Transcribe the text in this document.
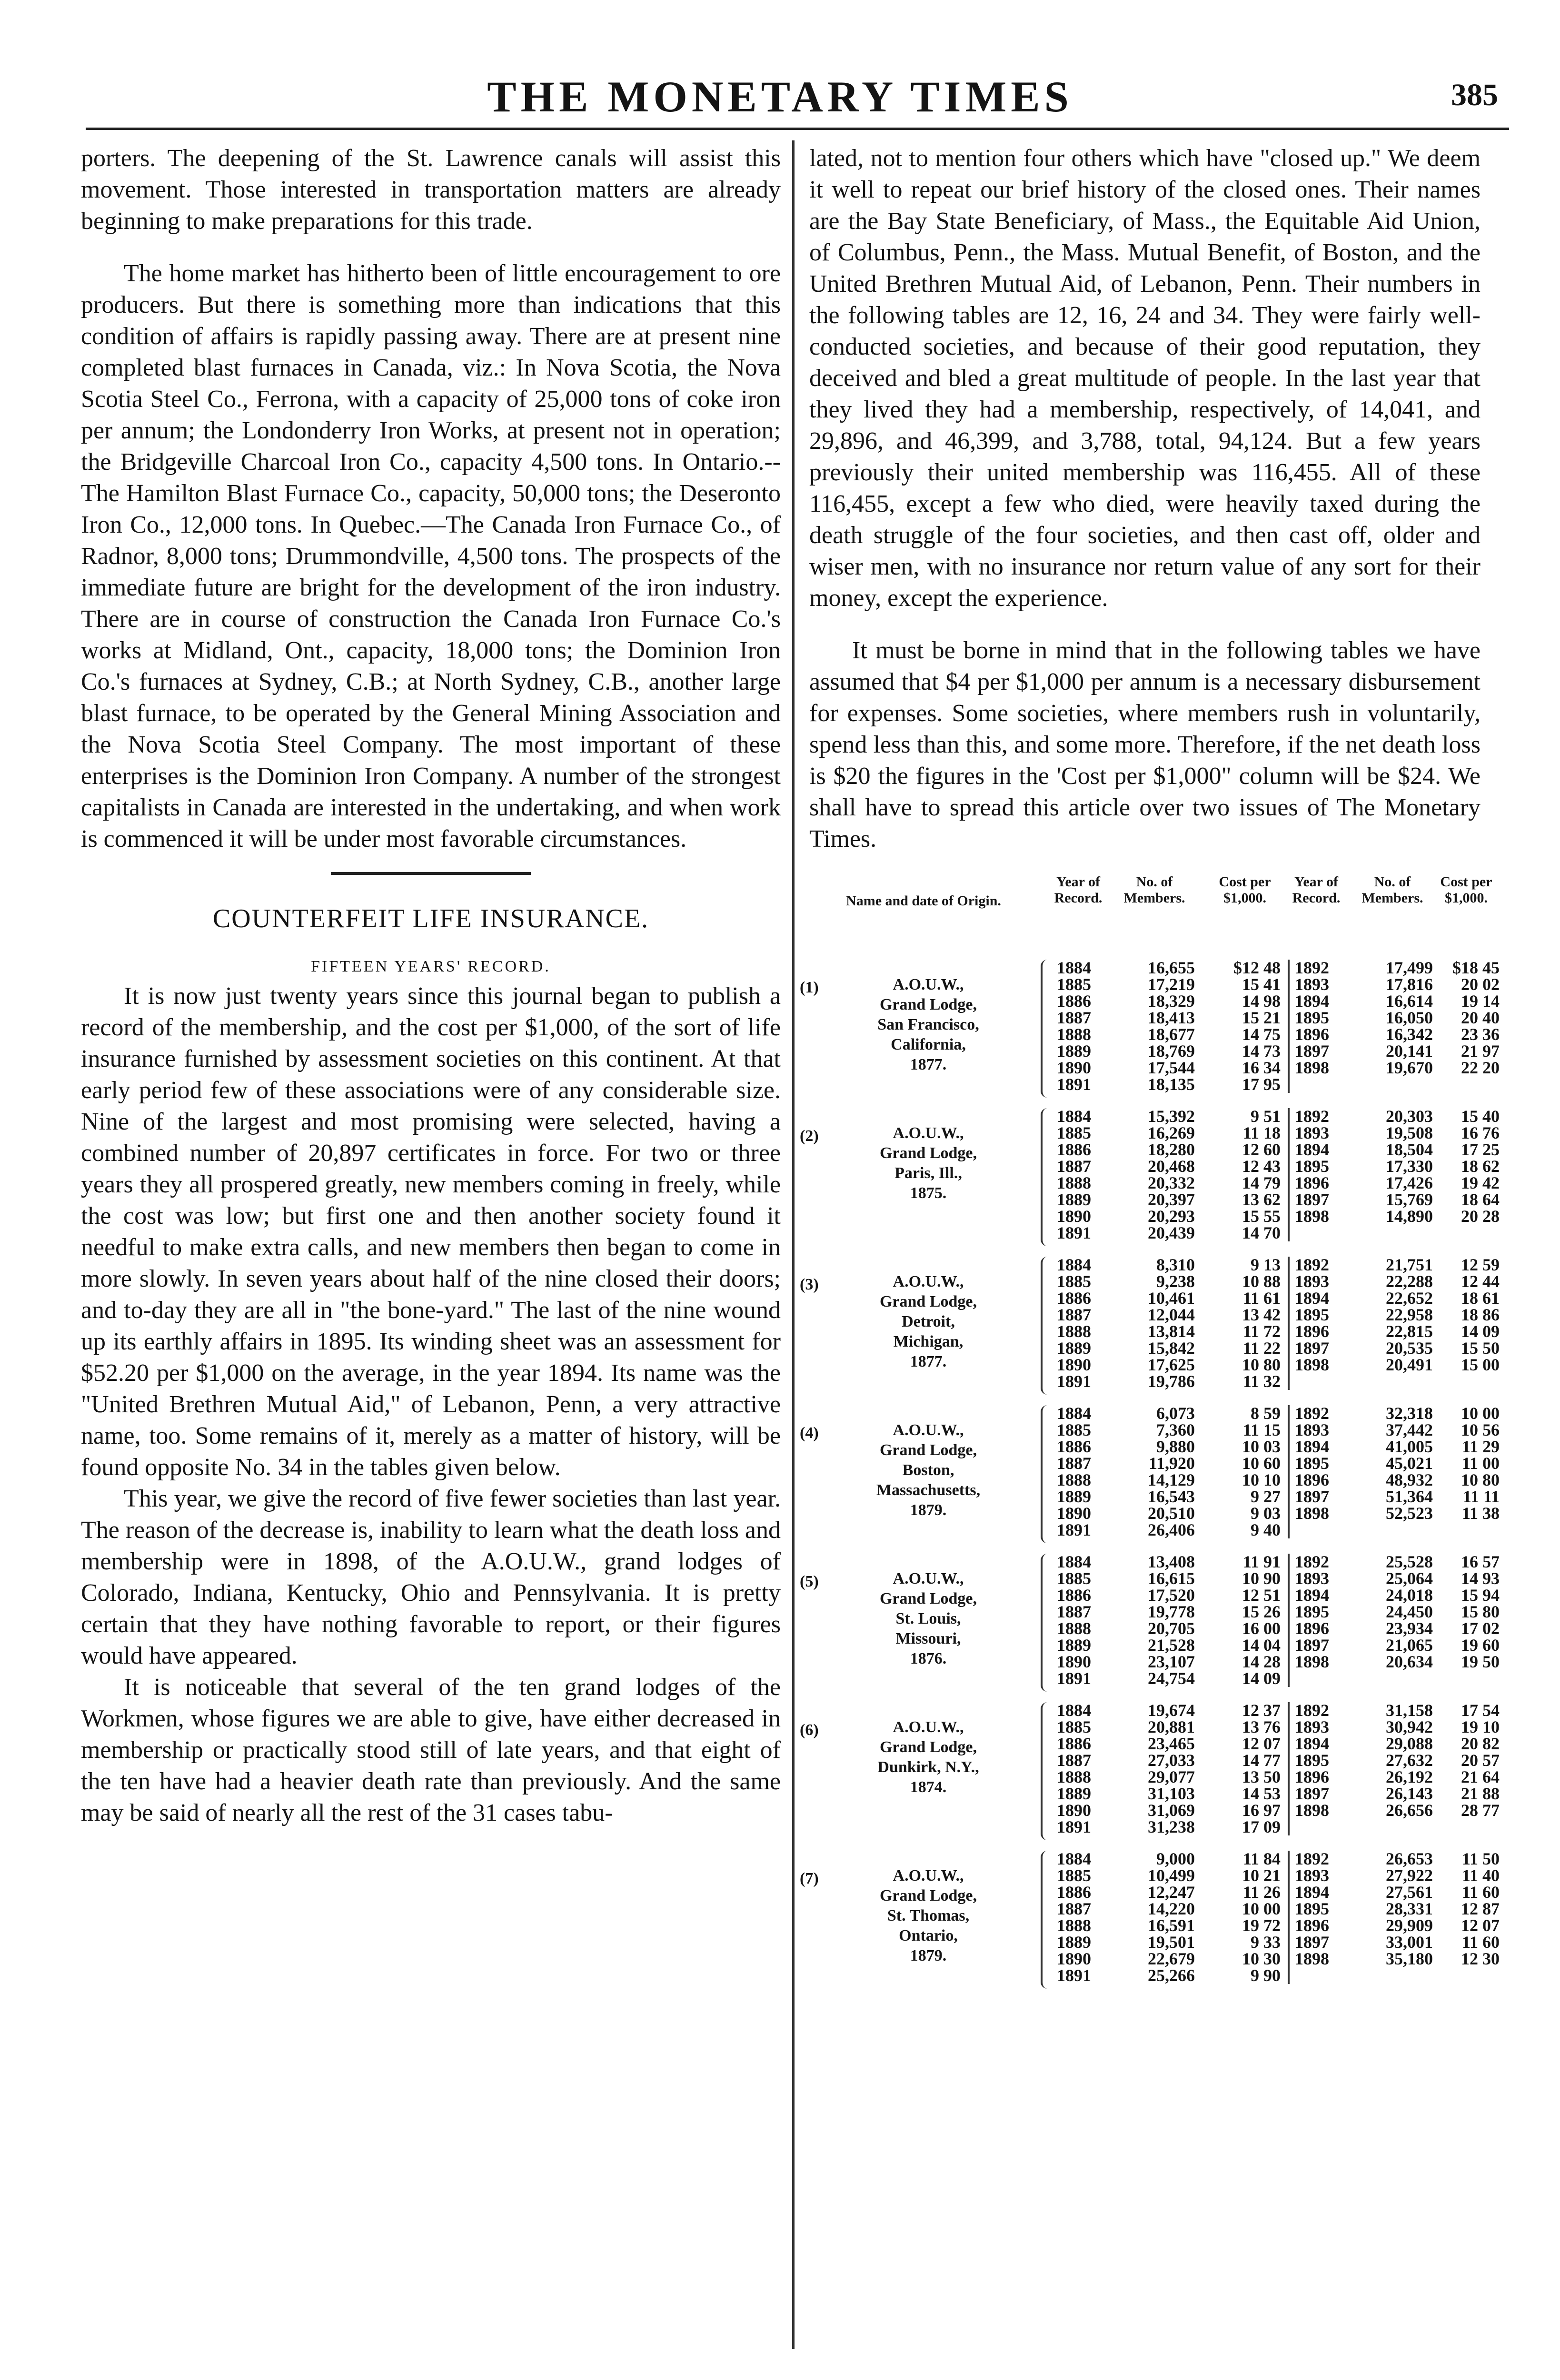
THE MONETARY TIMES	385

porters. The deepening of the St. Lawrence canals will assist this movement. Those interested in transportation matters are already beginning to make preparations for this trade.

The home market has hitherto been of little encouragement to ore producers. But there is something more than indications that this condition of affairs is rapidly passing away. There are at present nine completed blast furnaces in Canada, viz.: In Nova Scotia, the Nova Scotia Steel Co., Ferrona, with a capacity of 25,000 tons of coke iron per annum; the Londonderry Iron Works, at present not in operation; the Bridgeville Charcoal Iron Co., capacity 4,500 tons. In Ontario.--The Hamilton Blast Furnace Co., capacity, 50,000 tons; the Deseronto Iron Co., 12,000 tons. In Quebec.—The Canada Iron Furnace Co., of Radnor, 8,000 tons; Drummondville, 4,500 tons. The prospects of the immediate future are bright for the development of the iron industry. There are in course of construction the Canada Iron Furnace Co.'s works at Midland, Ont., capacity, 18,000 tons; the Dominion Iron Co.'s furnaces at Sydney, C.B.; at North Sydney, C.B., another large blast furnace, to be operated by the General Mining Association and the Nova Scotia Steel Company. The most important of these enterprises is the Dominion Iron Company. A number of the strongest capitalists in Canada are interested in the undertaking, and when work is commenced it will be under most favorable circumstances.

COUNTERFEIT LIFE INSURANCE.

FIFTEEN YEARS' RECORD.

It is now just twenty years since this journal began to publish a record of the membership, and the cost per $1,000, of the sort of life insurance furnished by assessment societies on this continent. At that early period few of these associations were of any considerable size. Nine of the largest and most promising were selected, having a combined number of 20,897 certificates in force. For two or three years they all prospered greatly, new members coming in freely, while the cost was low; but first one and then another society found it needful to make extra calls, and new members then began to come in more slowly. In seven years about half of the nine closed their doors; and to-day they are all in "the bone-yard." The last of the nine wound up its earthly affairs in 1895. Its winding sheet was an assessment for $52.20 per $1,000 on the average, in the year 1894. Its name was the "United Brethren Mutual Aid," of Lebanon, Penn, a very attractive name, too. Some remains of it, merely as a matter of history, will be found opposite No. 34 in the tables given below.

This year, we give the record of five fewer societies than last year. The reason of the decrease is, inability to learn what the death loss and membership were in 1898, of the A.O.U.W., grand lodges of Colorado, Indiana, Kentucky, Ohio and Pennsylvania. It is pretty certain that they have nothing favorable to report, or their figures would have appeared.

It is noticeable that several of the ten grand lodges of the Workmen, whose figures we are able to give, have either decreased in membership or practically stood still of late years, and that eight of the ten have had a heavier death rate than previously. And the same may be said of nearly all the rest of the 31 cases tabu-

lated, not to mention four others which have "closed up." We deem it well to repeat our brief history of the closed ones. Their names are the Bay State Beneficiary, of Mass., the Equitable Aid Union, of Columbus, Penn., the Mass. Mutual Benefit, of Boston, and the United Brethren Mutual Aid, of Lebanon, Penn. Their numbers in the following tables are 12, 16, 24 and 34. They were fairly well-conducted societies, and because of their good reputation, they deceived and bled a great multitude of people. In the last year that they lived they had a membership, respectively, of 14,041, and 29,896, and 46,399, and 3,788, total, 94,124. But a few years previously their united membership was 116,455. All of these 116,455, except a few who died, were heavily taxed during the death struggle of the four societies, and then cast off, older and wiser men, with no insurance nor return value of any sort for their money, except the experience.

It must be borne in mind that in the following tables we have assumed that $4 per $1,000 per annum is a necessary disbursement for expenses. Some societies, where members rush in voluntarily, spend less than this, and some more. Therefore, if the net death loss is $20 the figures in the 'Cost per $1,000" column will be $24. We shall have to spread this article over two issues of The Monetary Times.

Name and date of Origin.
Year of Record.
No. of Members.
Cost per $1,000.
Year of Record.
No. of Members.
Cost per $1,000.
(1)	A.O.U.W.,
Grand Lodge,
San Francisco,
California,
1877.
1884	16,655	$12 48 1892	17,499	$18 45
1885	17,219	15 41 1893	17,816	20 02
1886	18,329	14 98 1894	16,614	19 14
1887	18,413	15 21 1895	16,050	20 40
1888	18,677	14 75 1896	16,342	23 36
1889	18,769	14 73 1897	20,141	21 97
1890	17,544	16 34 1898	19,670	22 20
1891	18,135	17 95
(2)	A.O.U.W.,
Grand Lodge,
Paris, Ill.,
1875.
1884	15,392	9 51 1892	20,303	15 40
1885	16,269	11 18 1893	19,508	16 76
1886	18,280	12 60 1894	18,504	17 25
1887	20,468	12 43 1895	17,330	18 62
1888	20,332	14 79 1896	17,426	19 42
1889	20,397	13 62 1897	15,769	18 64
1890	20,293	15 55 1898	14,890	20 28
1891	20,439	14 70
(3)	A.O.U.W.,
Grand Lodge,
Detroit,
Michigan,
1877.
1884	8,310	9 13 1892	21,751	12 59
1885	9,238	10 88 1893	22,288	12 44
1886	10,461	11 61 1894	22,652	18 61
1887	12,044	13 42 1895	22,958	18 86
1888	13,814	11 72 1896	22,815	14 09
1889	15,842	11 22 1897	20,535	15 50
1890	17,625	10 80 1898	20,491	15 00
1891	19,786	11 32
(4)	A.O.U.W.,
Grand Lodge,
Boston,
Massachusetts,
1879.
1884	6,073	8 59 1892	32,318	10 00
1885	7,360	11 15 1893	37,442	10 56
1886	9,880	10 03 1894	41,005	11 29
1887	11,920	10 60 1895	45,021	11 00
1888	14,129	10 10 1896	48,932	10 80
1889	16,543	9 27 1897	51,364	11 11
1890	20,510	9 03 1898	52,523	11 38
1891	26,406	9 40
(5)	A.O.U.W.,
Grand Lodge,
St. Louis,
Missouri,
1876.
1884	13,408	11 91 1892	25,528	16 57
1885	16,615	10 90 1893	25,064	14 93
1886	17,520	12 51 1894	24,018	15 94
1887	19,778	15 26 1895	24,450	15 80
1888	20,705	16 00 1896	23,934	17 02
1889	21,528	14 04 1897	21,065	19 60
1890	23,107	14 28 1898	20,634	19 50
1891	24,754	14 09
(6)	A.O.U.W.,
Grand Lodge,
Dunkirk, N.Y.,
1874.
1884	19,674	12 37 1892	31,158	17 54
1885	20,881	13 76 1893	30,942	19 10
1886	23,465	12 07 1894	29,088	20 82
1887	27,033	14 77 1895	27,632	20 57
1888	29,077	13 50 1896	26,192	21 64
1889	31,103	14 53 1897	26,143	21 88
1890	31,069	16 97 1898	26,656	28 77
1891	31,238	17 09
(7)	A.O.U.W.,
Grand Lodge,
St. Thomas,
Ontario,
1879.
1884	9,000	11 84 1892	26,653	11 50
1885	10,499	10 21 1893	27,922	11 40
1886	12,247	11 26 1894	27,561	11 60
1887	14,220	10 00 1895	28,331	12 87
1888	16,591	19 72 1896	29,909	12 07
1889	19,501	9 33 1897	33,001	11 60
1890	22,679	10 30 1898	35,180	12 30
1891	25,266	9 90
